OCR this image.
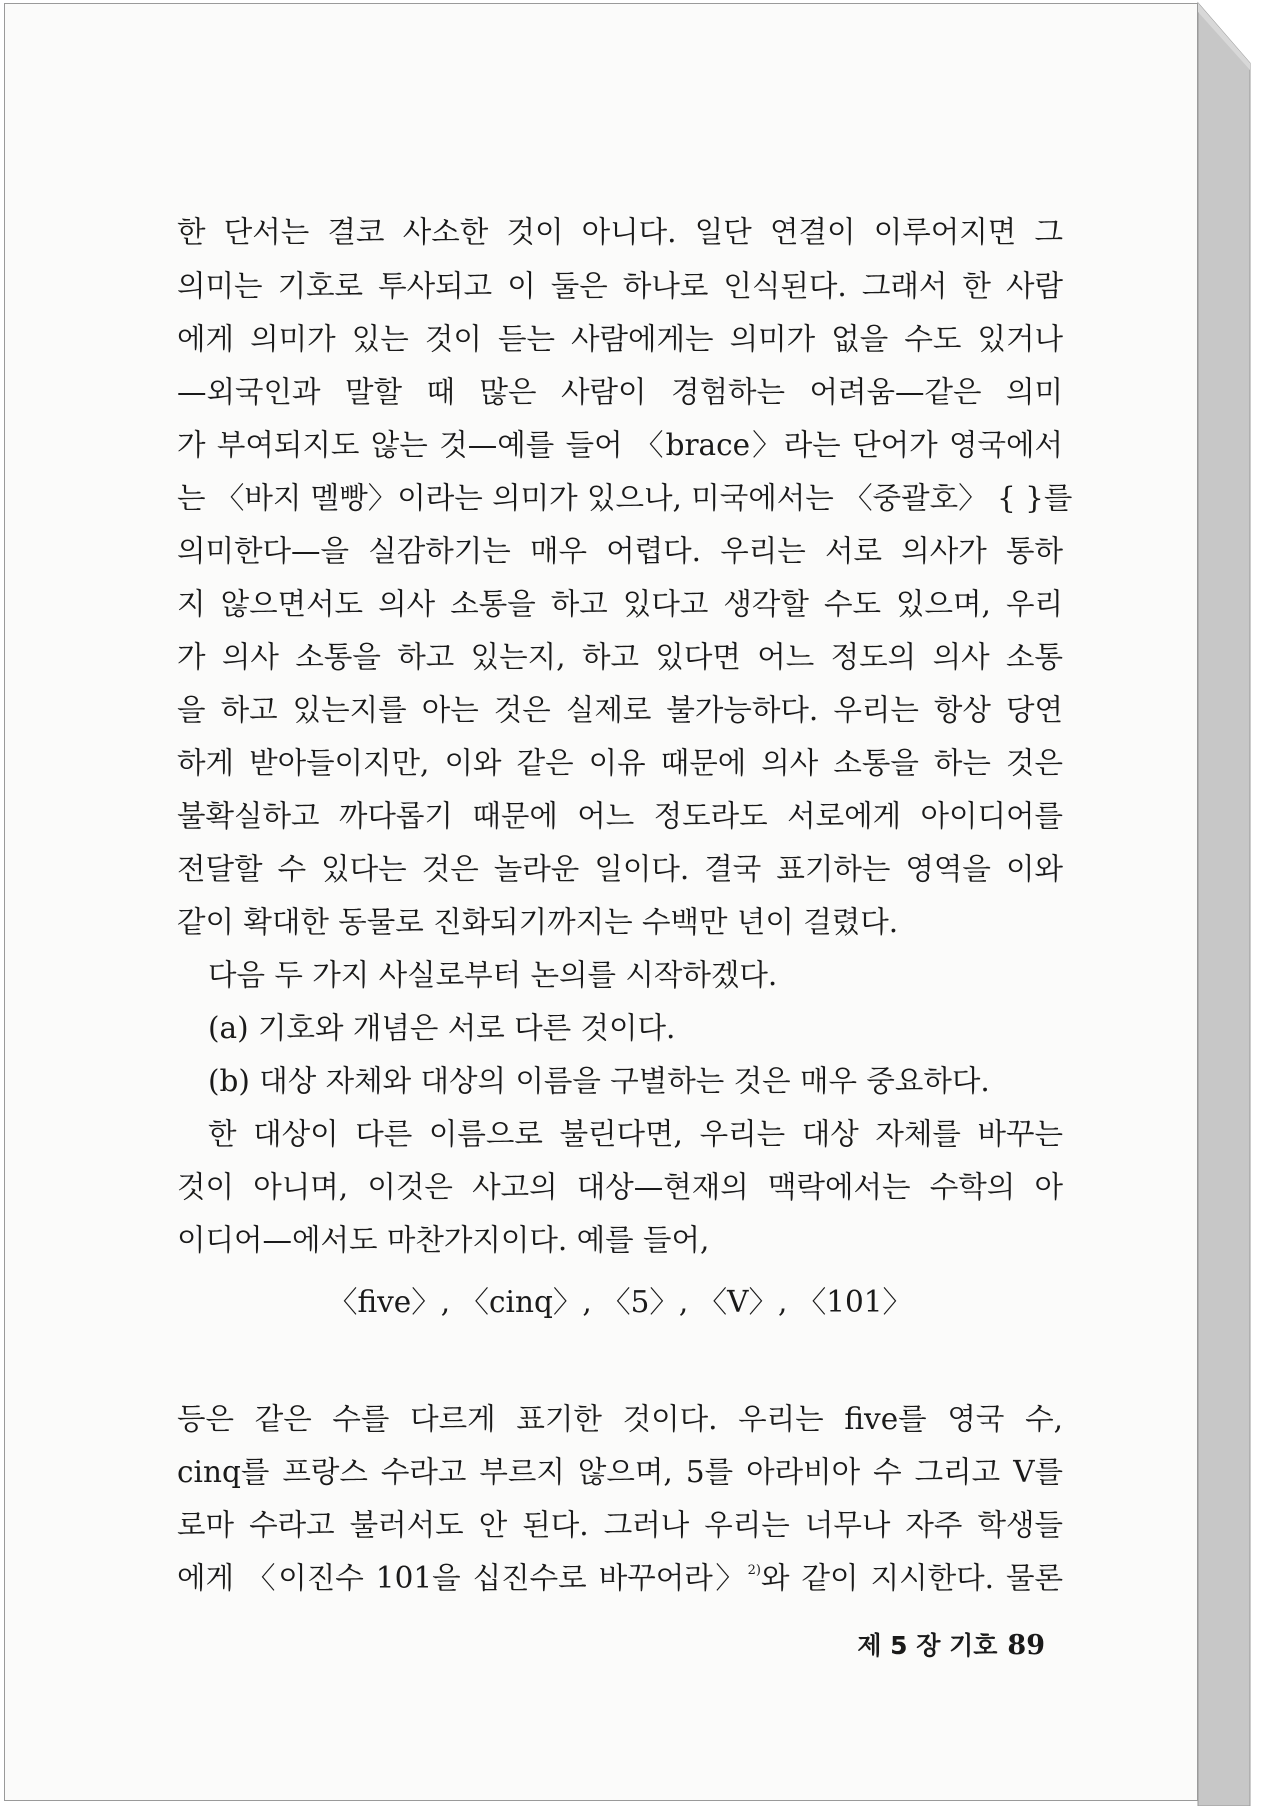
한 단서는 결코 사소한 것이 아니다. 일단 연결이 이루어지면 그
의미는 기호로 투사되고 이 둘은 하나로 인식된다. 그래서 한 사람
에게 의미가 있는 것이 듣는 사람에게는 의미가 없을 수도 있거나
—외국인과 말할 때 많은 사람이 경험하는 어려움—같은 의미
가 부여되지도 않는 것—예를 들어 〈brace〉라는 단어가 영국에서
는 〈바지 멜빵〉이라는 의미가 있으나, 미국에서는 〈중괄호〉 { }를
의미한다—을 실감하기는 매우 어렵다. 우리는 서로 의사가 통하
지 않으면서도 의사 소통을 하고 있다고 생각할 수도 있으며, 우리
가 의사 소통을 하고 있는지, 하고 있다면 어느 정도의 의사 소통
을 하고 있는지를 아는 것은 실제로 불가능하다. 우리는 항상 당연
하게 받아들이지만, 이와 같은 이유 때문에 의사 소통을 하는 것은
불확실하고 까다롭기 때문에 어느 정도라도 서로에게 아이디어를
전달할 수 있다는 것은 놀라운 일이다. 결국 표기하는 영역을 이와
같이 확대한 동물로 진화되기까지는 수백만 년이 걸렸다.
다음 두 가지 사실로부터 논의를 시작하겠다.
(a) 기호와 개념은 서로 다른 것이다.
(b) 대상 자체와 대상의 이름을 구별하는 것은 매우 중요하다.
한 대상이 다른 이름으로 불린다면, 우리는 대상 자체를 바꾸는
것이 아니며, 이것은 사고의 대상—현재의 맥락에서는 수학의 아
이디어—에서도 마찬가지이다. 예를 들어,
〈five〉, 〈cinq〉, 〈5〉, 〈V〉, 〈101〉
등은 같은 수를 다르게 표기한 것이다. 우리는 five를 영국 수,
cinq를 프랑스 수라고 부르지 않으며, 5를 아라비아 수 그리고 V를
로마 수라고 불러서도 안 된다. 그러나 우리는 너무나 자주 학생들
에게 〈이진수 101을 십진수로 바꾸어라〉$^{2)}$와 같이 지시한다. 물론
제 5 장 기호 89
